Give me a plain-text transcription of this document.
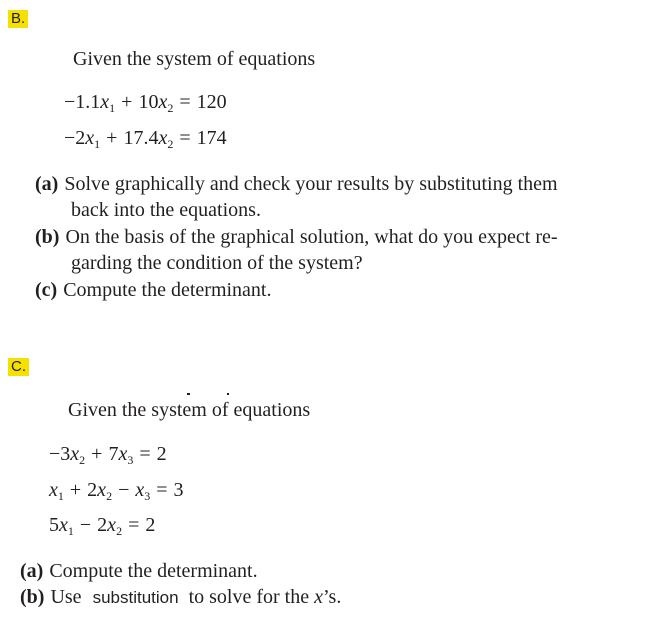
B.
Given the system of equations
$-1.1x_1 + 10x_2 = 120$
$-2x_1 + 17.4x_2 = 174$
(a) Solve graphically and check your results by substituting them
back into the equations.
(b) On the basis of the graphical solution, what do you expect re-
garding the condition of the system?
(c) Compute the determinant.
C.
Given the system of equations
$-3x_2 + 7x_3 = 2$
$x_1 + 2x_2 - x_3 = 3$
$5x_1 - 2x_2 = 2$
(a) Compute the determinant.
(b) Use substitution to solve for the x’s.
